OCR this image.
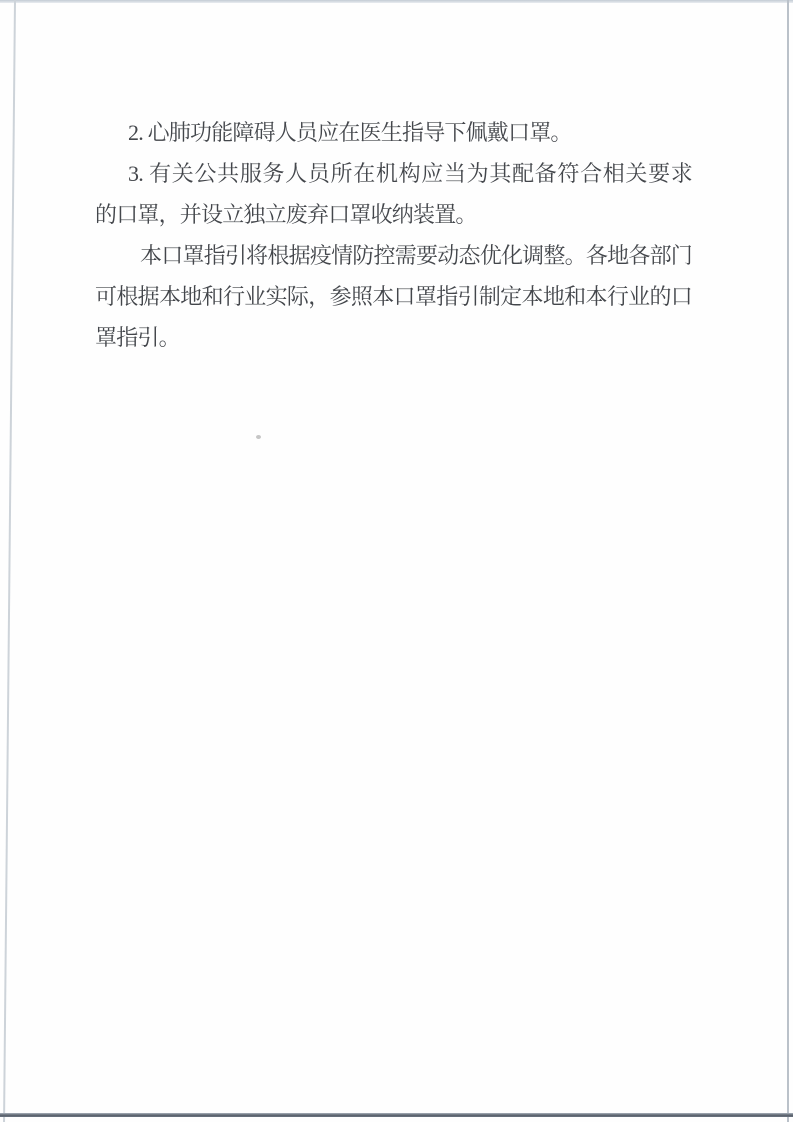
2. 心肺功能障碍人员应在医生指导下佩戴口罩。
3. 有关公共服务人员所在机构应当为其配备符合相关要求
的口罩，并设立独立废弃口罩收纳装置。
本口罩指引将根据疫情防控需要动态优化调整。各地各部门
可根据本地和行业实际，参照本口罩指引制定本地和本行业的口
罩指引。
